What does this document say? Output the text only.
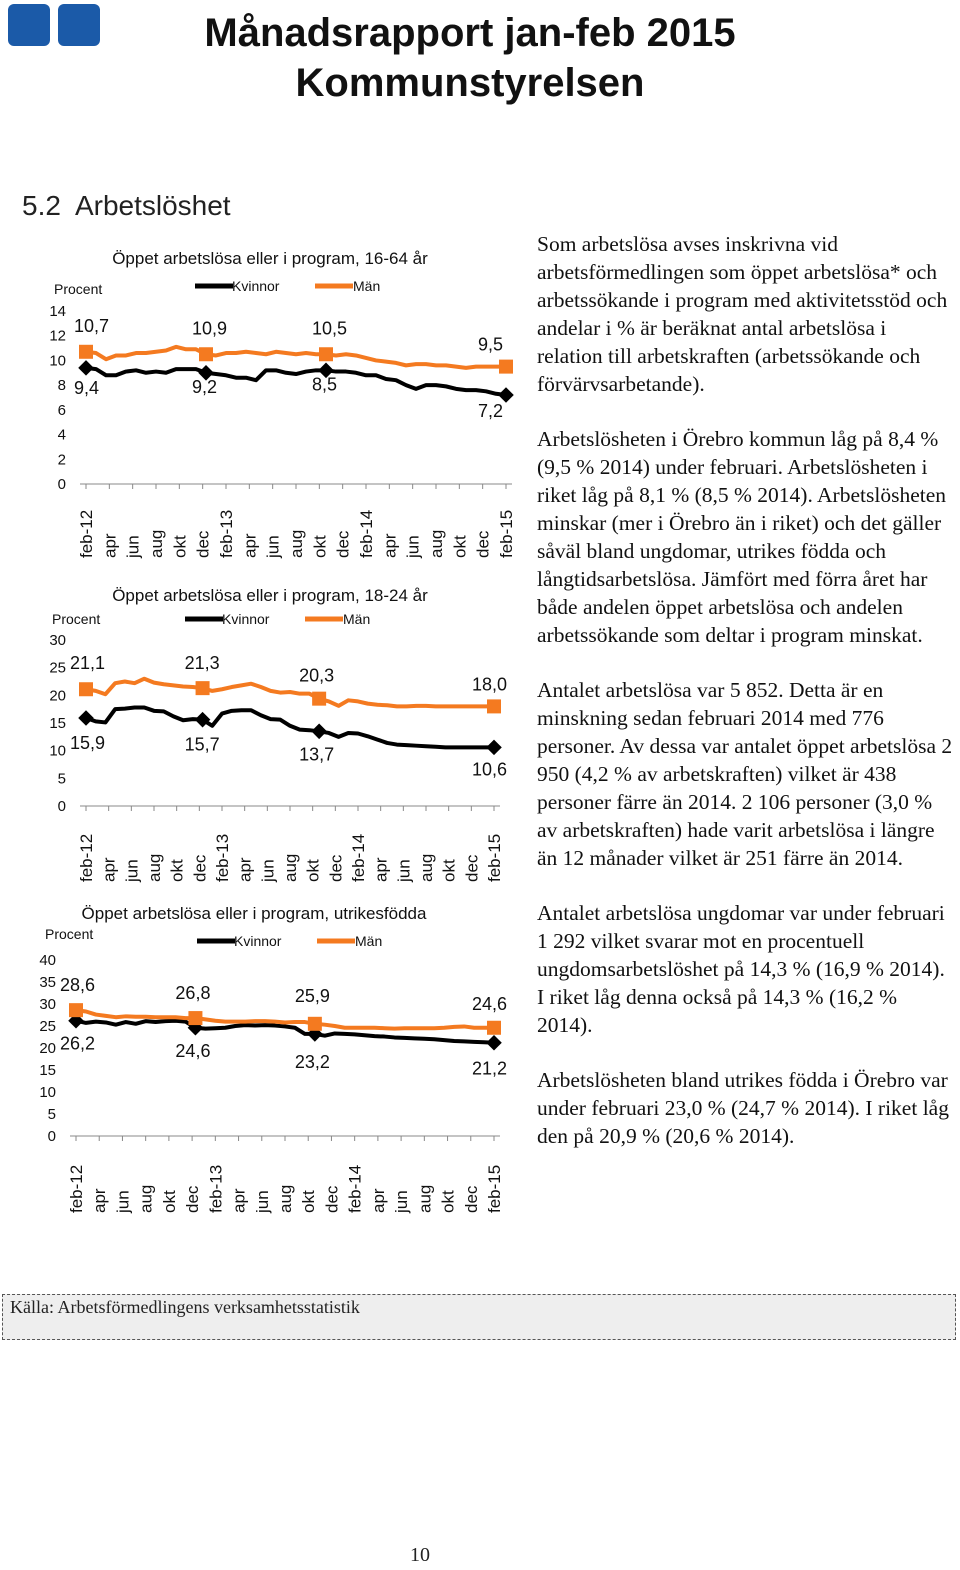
Månadsrapport jan-feb 2015
Kommunstyrelsen
5.2 Arbetslöshet
Öppet arbetslösa eller i program, 16-64 år
Procent	Kvinnor	Män
0
2
4
6
8
10
12
14
feb-12 apr jun aug okt dec feb-13 apr jun aug okt dec feb-14 apr jun aug okt dec feb-15
9,4	9,2	8,5
7,2
10,7	10,9	10,5
9,5
Öppet arbetslösa eller i program, 18-24 år
Procent	Kvinnor	Män
0
5
10
15
20
25
30
feb-12 apr jun aug okt dec feb-13 apr jun aug okt dec feb-14 apr jun aug okt dec feb-15
15,9	15,7	13,7
10,6
21,1	21,3
20,3	18,0
Öppet arbetslösa eller i program, utrikesfödda
Procent	Kvinnor	Män
0
5
10
15
20
25
30
35
40
feb-12 apr jun aug okt dec feb-13 apr jun aug okt dec feb-14 apr jun aug okt dec feb-15
26,2	24,6
23,2	21,2
28,6	26,8	25,9	24,6

Som arbetslösa avses inskrivna vid arbetsförmedlingen som öppet arbetslösa* och arbetssökande i program med aktivitetsstöd och andelar i % är beräknat antal arbetslösa i relation till arbetskraften (arbetssökande och förvärvsarbetande).

Arbetslösheten i Örebro kommun låg på 8,4 % (9,5 % 2014) under februari. Arbetslösheten i riket låg på 8,1 % (8,5 % 2014). Arbetslösheten minskar (mer i Örebro än i riket) och det gäller såväl bland ungdomar, utrikes födda och långtidsarbetslösa. Jämfört med förra året har både andelen öppet arbetslösa och andelen arbetssökande som deltar i program minskat.

Antalet arbetslösa var 5 852. Detta är en minskning sedan februari 2014 med 776 personer. Av dessa var antalet öppet arbetslösa 2 950 (4,2 % av arbetskraften) vilket är 438 personer färre än 2014. 2 106 personer (3,0 % av arbetskraften) hade varit arbetslösa i längre än 12 månader vilket är 251 färre än 2014.

Antalet arbetslösa ungdomar var under februari 1 292 vilket svarar mot en procentuell ungdomsarbetslöshet på 14,3 % (16,9 % 2014). I riket låg denna också på 14,3 % (16,2 % 2014).

Arbetslösheten bland utrikes födda i Örebro var under februari 23,0 % (24,7 % 2014). I riket låg den på 20,9 % (20,6 % 2014).

Källa: Arbetsförmedlingens verksamhetsstatistik
10
